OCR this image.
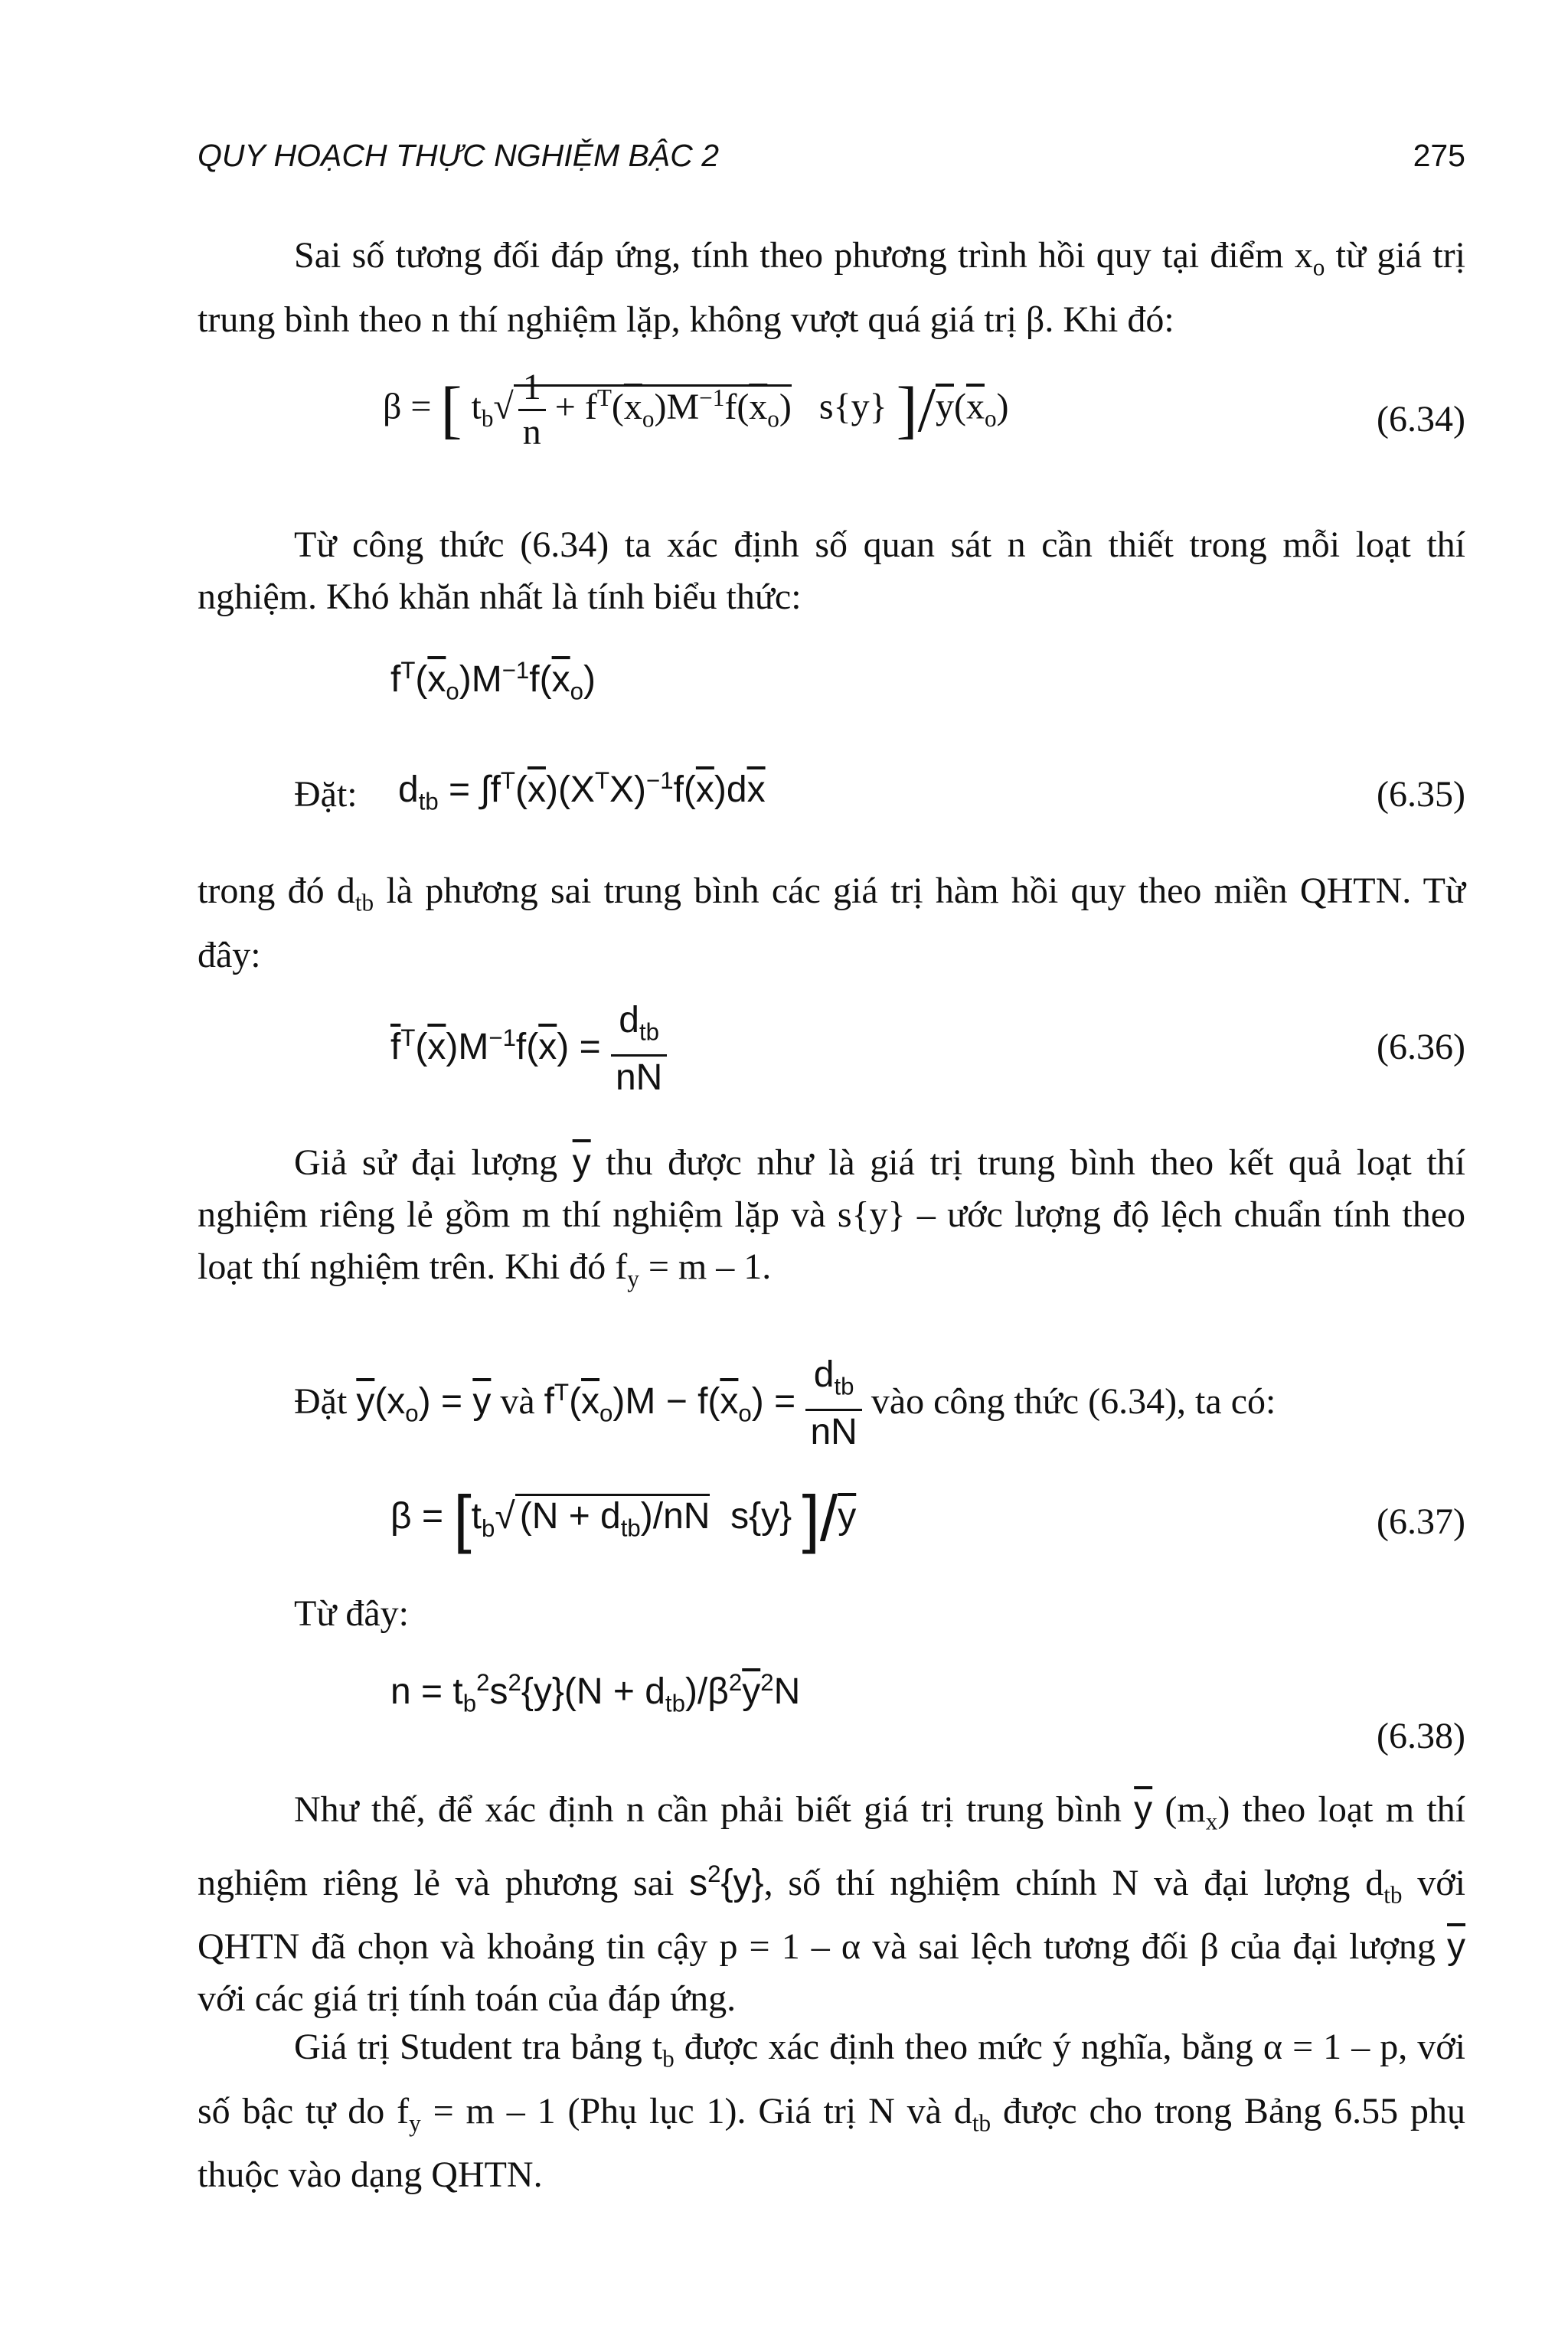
QUY HOẠCH THỰC NGHIỆM BẬC 2	275
Sai số tương đối đáp ứng, tính theo phương trình hồi quy tại điểm $x_o$ từ giá trị trung bình theo n thí nghiệm lặp, không vượt quá giá trị β. Khi đó:
β = [ $t_b√ \frac{1}{n} + f^T(\overline{x}_o)M^{-1}f(\overline{x}_o)$   s{y} ]$/\overline{y}(\overline{x}_o)$	(6.34)
Từ công thức (6.34) ta xác định số quan sát n cần thiết trong mỗi loạt thí nghiệm. Khó khăn nhất là tính biểu thức:
$f^T(\overline{x}_o)M^{-1}f(\overline{x}_o)$
Đặt: $d_{tb} = \int f^T(\overline{x})(X^TX)^{-1}f(\overline{x})d\overline{x}$	(6.35)
trong đó $d_{tb}$ là phương sai trung bình các giá trị hàm hồi quy theo miền QHTN. Từ đây:
$\overline{f}^T(\overline{x})M^{-1}f(\overline{x}) = \frac{d_{tb}}{nN}$	(6.36)
Giả sử đại lượng $\overline{y}$ thu được như là giá trị trung bình theo kết quả loạt thí nghiệm riêng lẻ gồm m thí nghiệm lặp và s{y} – ước lượng độ lệch chuẩn tính theo loạt thí nghiệm trên. Khi đó $f_y = m - 1$.
Đặt $\overline{y}(x_o) = \overline{y}$ và $f^T(\overline{x}_o)M - f(\overline{x}_o) = \frac{d_{tb}}{nN}$ vào công thức (6.34), ta có:
$\beta = [t_b√$ $(N + d_{tb})/nN$  s{y} ]$/\overline{y}$	(6.37)
Từ đây:
$n = t_b^2s^2\{y\}(N + d_{tb})/\beta^2\overline{y}^2N$
(6.38)
Như thế, để xác định n cần phải biết giá trị trung bình $\overline{y}$ $(m_x)$ theo loạt m thí nghiệm riêng lẻ và phương sai $s^2\{y\}$, số thí nghiệm chính N và đại lượng $d_{tb}$ với QHTN đã chọn và khoảng tin cậy p = 1 – α và sai lệch tương đối β của đại lượng $\overline{y}$ với các giá trị tính toán của đáp ứng.
Giá trị Student tra bảng $t_b$ được xác định theo mức ý nghĩa, bằng α = 1 – p, với số bậc tự do $f_y = m - 1$ (Phụ lục 1). Giá trị N và $d_{tb}$ được cho trong Bảng 6.55 phụ thuộc vào dạng QHTN.
